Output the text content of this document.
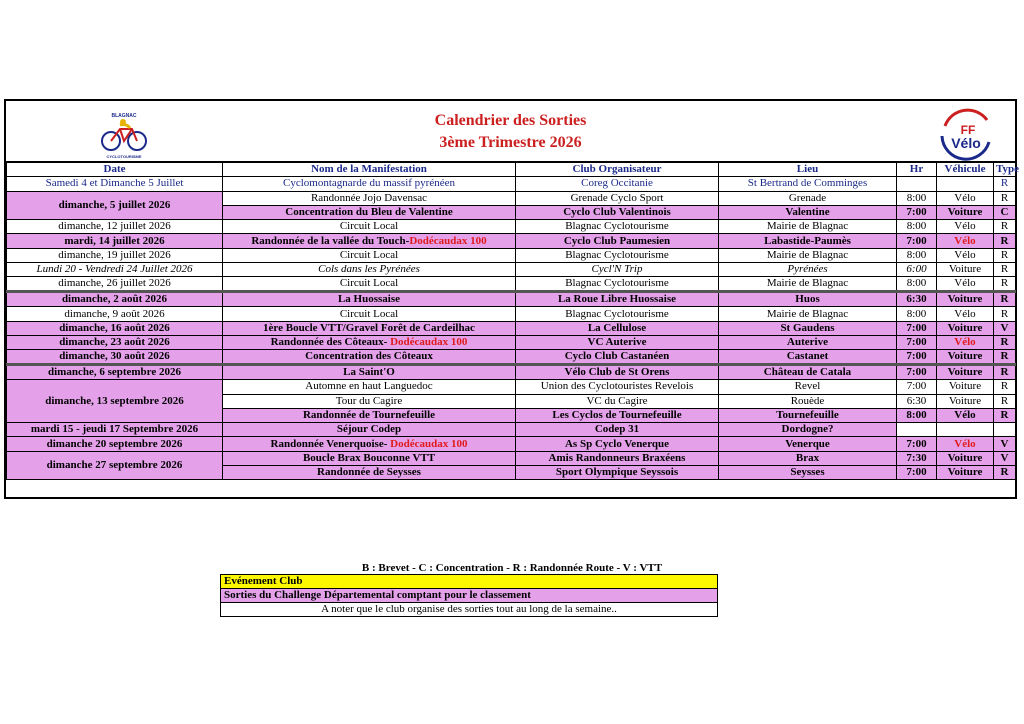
BLAGNAC
CYCLOTOURISME
Calendrier des Sorties
3ème Trimestre 2026
FF
Vélo
Date	Nom de la Manifestation	Club Organisateur	Lieu	Hr	Véhicule	Type
Samedi 4 et Dimanche 5 Juillet	Cyclomontagnarde du massif pyrénéen	Coreg Occitanie	St Bertrand de Comminges			R
dimanche, 5 juillet 2026	Randonnée Jojo Davensac	Grenade Cyclo Sport	Grenade	8:00	Vélo	R
	Concentration du Bleu de Valentine	Cyclo Club Valentinois	Valentine	7:00	Voiture	C
dimanche, 12 juillet 2026	Circuit Local	Blagnac Cyclotourisme	Mairie de Blagnac	8:00	Vélo	R
mardi, 14 juillet 2026	Randonnée de la vallée du Touch-Dodécaudax 100	Cyclo Club Paumesien	Labastide-Paumès	7:00	Vélo	R
dimanche, 19 juillet 2026	Circuit Local	Blagnac Cyclotourisme	Mairie de Blagnac	8:00	Vélo	R
Lundi 20 - Vendredi 24 Juillet 2026	Cols dans les Pyrénées	Cycl'N Trip	Pyrénées	6:00	Voiture	R
dimanche, 26 juillet 2026	Circuit Local	Blagnac Cyclotourisme	Mairie de Blagnac	8:00	Vélo	R
dimanche, 2 août 2026	La Huossaise	La Roue Libre Huossaise	Huos	6:30	Voiture	R
dimanche, 9 août 2026	Circuit Local	Blagnac Cyclotourisme	Mairie de Blagnac	8:00	Vélo	R
dimanche, 16 août 2026	1ère Boucle VTT/Gravel Forêt de Cardeilhac	La Cellulose	St Gaudens	7:00	Voiture	V
dimanche, 23 août 2026	Randonnée des Côteaux- Dodécaudax 100	VC Auterive	Auterive	7:00	Vélo	R
dimanche, 30 août 2026	Concentration des Côteaux	Cyclo Club Castanéen	Castanet	7:00	Voiture	R
dimanche, 6 septembre 2026	La Saint'O	Vélo Club de St Orens	Château de Catala	7:00	Voiture	R
dimanche, 13 septembre 2026	Automne en haut Languedoc	Union des Cyclotouristes Revelois	Revel	7:00	Voiture	R
	Tour du Cagire	VC du Cagire	Rouède	6:30	Voiture	R
	Randonnée de Tournefeuille	Les Cyclos de Tournefeuille	Tournefeuille	8:00	Vélo	R
mardi 15 - jeudi 17 Septembre 2026	Séjour Codep	Codep 31	Dordogne?			
dimanche 20 septembre 2026	Randonnée Venerquoise- Dodécaudax 100	As Sp Cyclo Venerque	Venerque	7:00	Vélo	V
dimanche 27 septembre 2026	Boucle Brax Bouconne VTT	Amis Randonneurs Braxéens	Brax	7:30	Voiture	V
	Randonnée de Seysses	Sport Olympique Seyssois	Seysses	7:00	Voiture	R
B : Brevet - C : Concentration - R : Randonnée Route - V : VTT
Evénement Club
Sorties du Challenge Départemental comptant pour le classement
A noter que le club organise des sorties tout au long de la semaine..
